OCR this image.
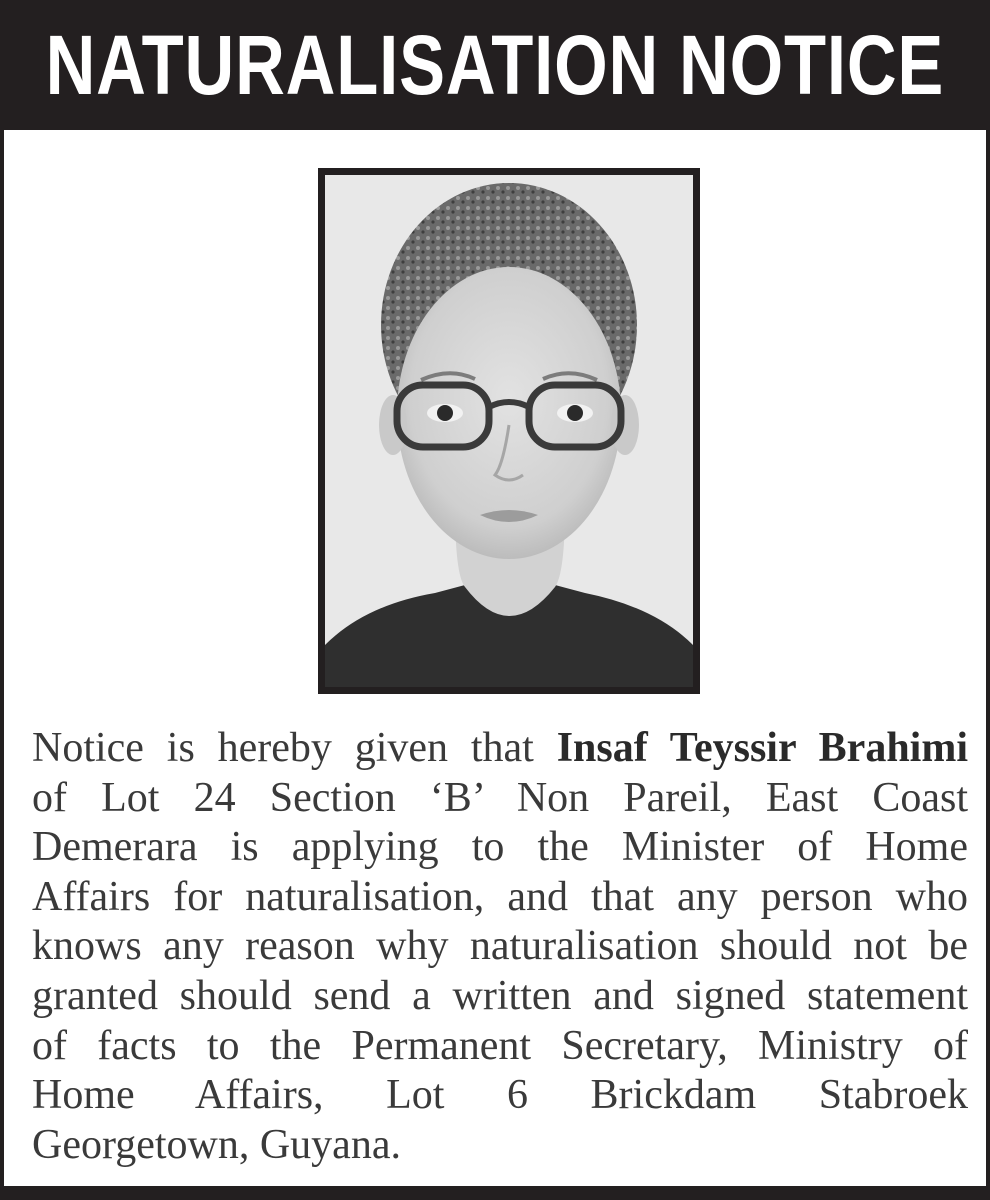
NATURALISATION NOTICE
Notice is hereby given that Insaf Teyssir Brahimi
of Lot 24 Section ‘B’ Non Pareil, East Coast
Demerara is applying to the Minister of Home
Affairs for naturalisation, and that any person who
knows any reason why naturalisation should not be
granted should send a written and signed statement
of facts to the Permanent Secretary, Ministry of
Home Affairs, Lot 6 Brickdam Stabroek
Georgetown, Guyana.
